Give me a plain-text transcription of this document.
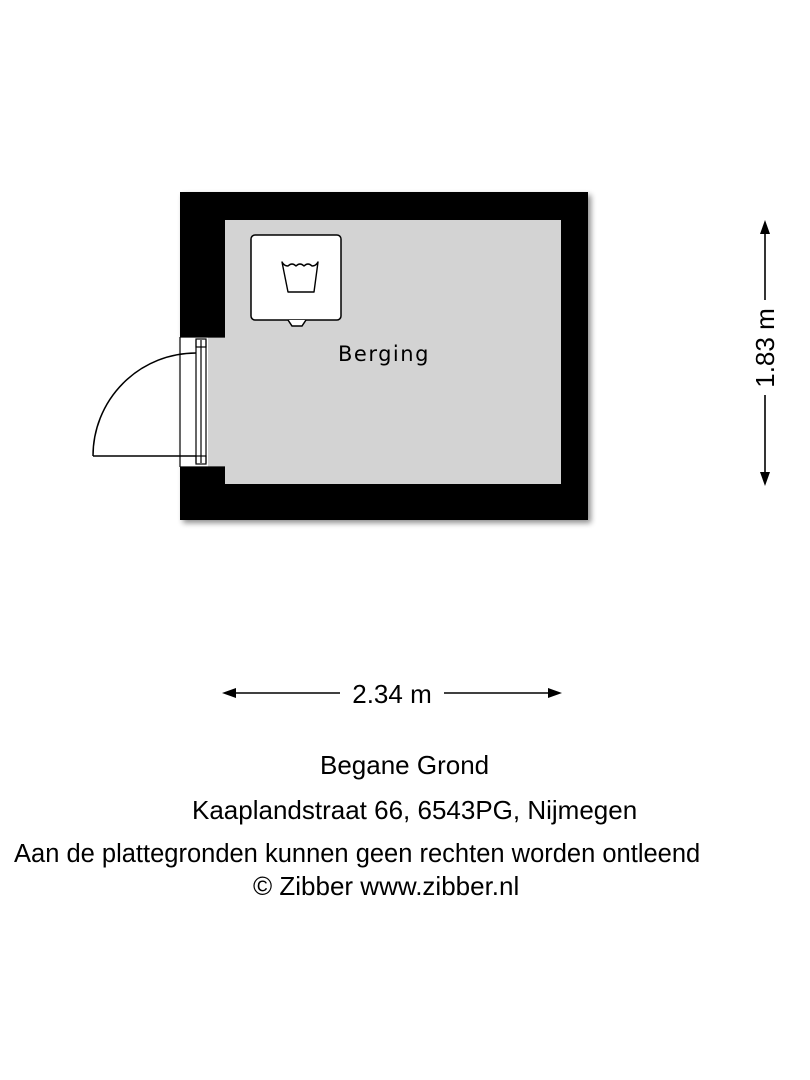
Berging
2.34 m
1.83 m
Begane Grond
Kaaplandstraat 66, 6543PG, Nijmegen
Aan de plattegronden kunnen geen rechten worden ontleend
© Zibber www.zibber.nl
